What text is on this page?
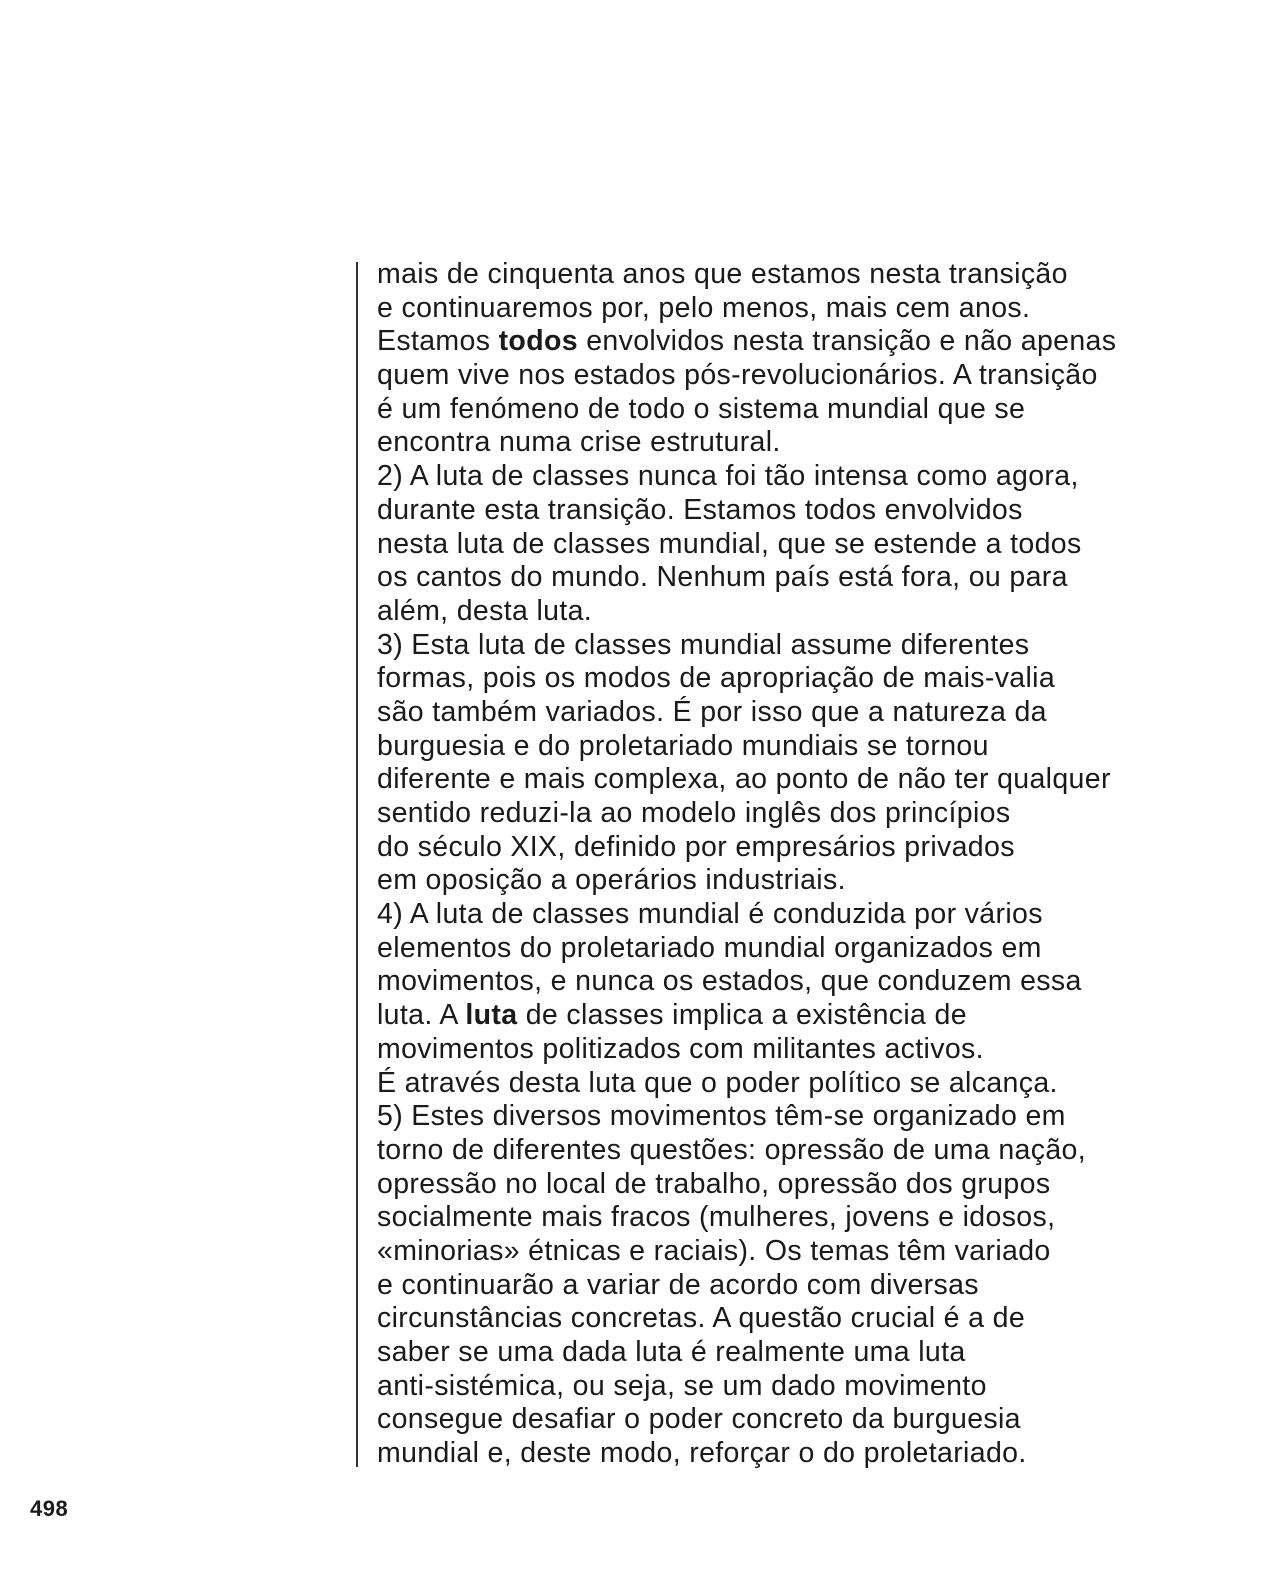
mais de cinquenta anos que estamos nesta transição
e continuaremos por, pelo menos, mais cem anos.
Estamos todos envolvidos nesta transição e não apenas
quem vive nos estados pós-revolucionários. A transição
é um fenómeno de todo o sistema mundial que se
encontra numa crise estrutural.
2) A luta de classes nunca foi tão intensa como agora,
durante esta transição. Estamos todos envolvidos
nesta luta de classes mundial, que se estende a todos
os cantos do mundo. Nenhum país está fora, ou para
além, desta luta.
3) Esta luta de classes mundial assume diferentes
formas, pois os modos de apropriação de mais-valia
são também variados. É por isso que a natureza da
burguesia e do proletariado mundiais se tornou
diferente e mais complexa, ao ponto de não ter qualquer
sentido reduzi-la ao modelo inglês dos princípios
do século XIX, definido por empresários privados
em oposição a operários industriais.
4) A luta de classes mundial é conduzida por vários
elementos do proletariado mundial organizados em
movimentos, e nunca os estados, que conduzem essa
luta. A luta de classes implica a existência de
movimentos politizados com militantes activos.
É através desta luta que o poder político se alcança.
5) Estes diversos movimentos têm-se organizado em
torno de diferentes questões: opressão de uma nação,
opressão no local de trabalho, opressão dos grupos
socialmente mais fracos (mulheres, jovens e idosos,
«minorias» étnicas e raciais). Os temas têm variado
e continuarão a variar de acordo com diversas
circunstâncias concretas. A questão crucial é a de
saber se uma dada luta é realmente uma luta
anti-sistémica, ou seja, se um dado movimento
consegue desafiar o poder concreto da burguesia
mundial e, deste modo, reforçar o do proletariado.
498
